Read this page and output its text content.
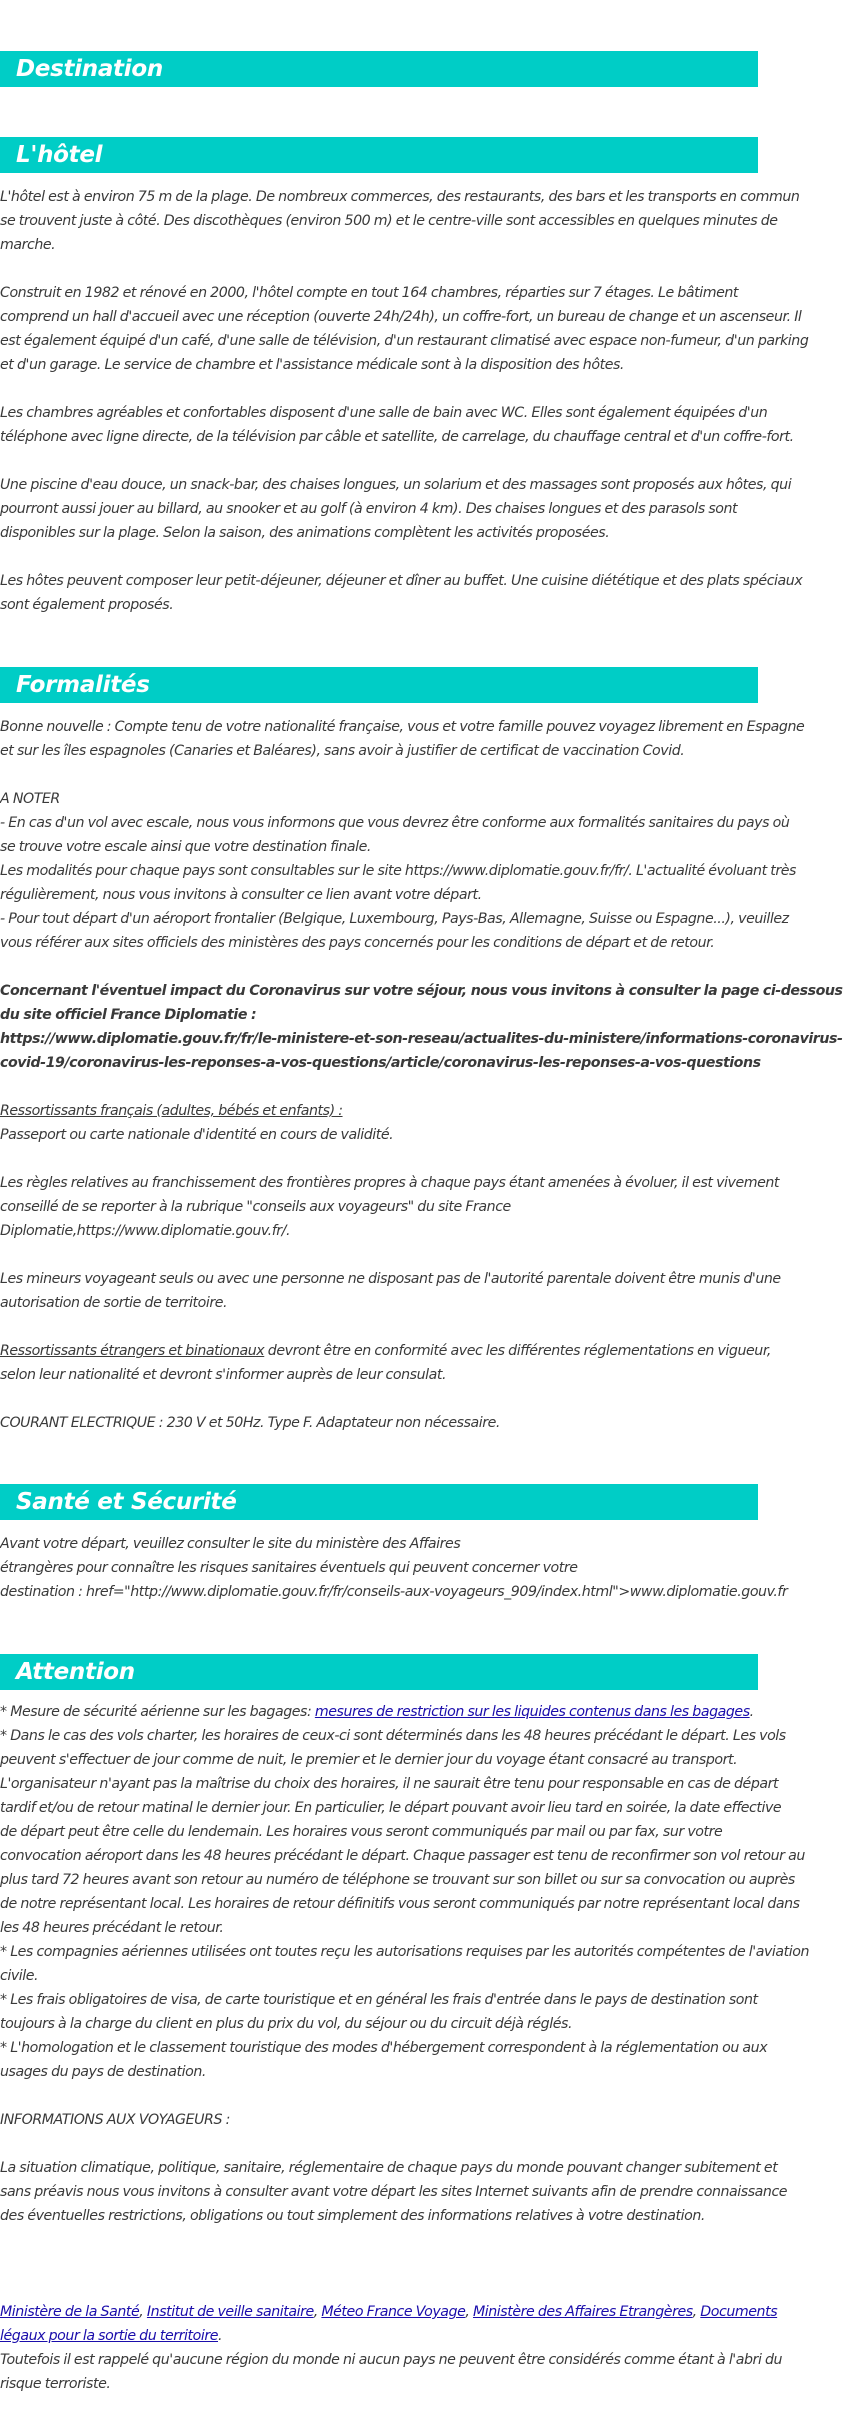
Destination
L'hôtel
L'hôtel est à environ 75 m de la plage. De nombreux commerces, des restaurants, des bars et les transports en commun
se trouvent juste à côté. Des discothèques (environ 500 m) et le centre-ville sont accessibles en quelques minutes de
marche.
Construit en 1982 et rénové en 2000, l'hôtel compte en tout 164 chambres, réparties sur 7 étages. Le bâtiment
comprend un hall d'accueil avec une réception (ouverte 24h/24h), un coffre-fort, un bureau de change et un ascenseur. Il
est également équipé d'un café, d'une salle de télévision, d'un restaurant climatisé avec espace non-fumeur, d'un parking
et d'un garage. Le service de chambre et l'assistance médicale sont à la disposition des hôtes.
Les chambres agréables et confortables disposent d'une salle de bain avec WC. Elles sont également équipées d'un
téléphone avec ligne directe, de la télévision par câble et satellite, de carrelage, du chauffage central et d'un coffre-fort.
Une piscine d'eau douce, un snack-bar, des chaises longues, un solarium et des massages sont proposés aux hôtes, qui
pourront aussi jouer au billard, au snooker et au golf (à environ 4 km). Des chaises longues et des parasols sont
disponibles sur la plage. Selon la saison, des animations complètent les activités proposées.
Les hôtes peuvent composer leur petit-déjeuner, déjeuner et dîner au buffet. Une cuisine diététique et des plats spéciaux
sont également proposés.
Formalités
Bonne nouvelle : Compte tenu de votre nationalité française, vous et votre famille pouvez voyagez librement en Espagne
et sur les îles espagnoles (Canaries et Baléares), sans avoir à justifier de certificat de vaccination Covid.
A NOTER
- En cas d'un vol avec escale, nous vous informons que vous devrez être conforme aux formalités sanitaires du pays où
se trouve votre escale ainsi que votre destination finale.
Les modalités pour chaque pays sont consultables sur le site https://www.diplomatie.gouv.fr/fr/. L'actualité évoluant très
régulièrement, nous vous invitons à consulter ce lien avant votre départ.
- Pour tout départ d'un aéroport frontalier (Belgique, Luxembourg, Pays-Bas, Allemagne, Suisse ou Espagne...), veuillez
vous référer aux sites officiels des ministères des pays concernés pour les conditions de départ et de retour.
Concernant l'éventuel impact du Coronavirus sur votre séjour, nous vous invitons à consulter la page ci-dessous
du site officiel France Diplomatie :
https://www.diplomatie.gouv.fr/fr/le-ministere-et-son-reseau/actualites-du-ministere/informations-coronavirus-
covid-19/coronavirus-les-reponses-a-vos-questions/article/coronavirus-les-reponses-a-vos-questions
Ressortissants français (adultes, bébés et enfants) :
Passeport ou carte nationale d'identité en cours de validité.
Les règles relatives au franchissement des frontières propres à chaque pays étant amenées à évoluer, il est vivement
conseillé de se reporter à la rubrique "conseils aux voyageurs" du site France
Diplomatie,https://www.diplomatie.gouv.fr/.
Les mineurs voyageant seuls ou avec une personne ne disposant pas de l'autorité parentale doivent être munis d'une
autorisation de sortie de territoire.
Ressortissants étrangers et binationaux devront être en conformité avec les différentes réglementations en vigueur,
selon leur nationalité et devront s'informer auprès de leur consulat.
COURANT ELECTRIQUE : 230 V et 50Hz. Type F. Adaptateur non nécessaire.
Santé et Sécurité
Avant votre départ, veuillez consulter le site du ministère des Affaires
étrangères pour connaître les risques sanitaires éventuels qui peuvent concerner votre
destination : href="http://www.diplomatie.gouv.fr/fr/conseils-aux-voyageurs_909/index.html">www.diplomatie.gouv.fr
Attention
* Mesure de sécurité aérienne sur les bagages: mesures de restriction sur les liquides contenus dans les bagages.
* Dans le cas des vols charter, les horaires de ceux-ci sont déterminés dans les 48 heures précédant le départ. Les vols
peuvent s'effectuer de jour comme de nuit, le premier et le dernier jour du voyage étant consacré au transport.
L'organisateur n'ayant pas la maîtrise du choix des horaires, il ne saurait être tenu pour responsable en cas de départ
tardif et/ou de retour matinal le dernier jour. En particulier, le départ pouvant avoir lieu tard en soirée, la date effective
de départ peut être celle du lendemain. Les horaires vous seront communiqués par mail ou par fax, sur votre
convocation aéroport dans les 48 heures précédant le départ. Chaque passager est tenu de reconfirmer son vol retour au
plus tard 72 heures avant son retour au numéro de téléphone se trouvant sur son billet ou sur sa convocation ou auprès
de notre représentant local. Les horaires de retour définitifs vous seront communiqués par notre représentant local dans
les 48 heures précédant le retour.
* Les compagnies aériennes utilisées ont toutes reçu les autorisations requises par les autorités compétentes de l'aviation
civile.
* Les frais obligatoires de visa, de carte touristique et en général les frais d'entrée dans le pays de destination sont
toujours à la charge du client en plus du prix du vol, du séjour ou du circuit déjà réglés.
* L'homologation et le classement touristique des modes d'hébergement correspondent à la réglementation ou aux
usages du pays de destination.
INFORMATIONS AUX VOYAGEURS :
La situation climatique, politique, sanitaire, réglementaire de chaque pays du monde pouvant changer subitement et
sans préavis nous vous invitons à consulter avant votre départ les sites Internet suivants afin de prendre connaissance
des éventuelles restrictions, obligations ou tout simplement des informations relatives à votre destination.
Ministère de la Santé, Institut de veille sanitaire, Méteo France Voyage, Ministère des Affaires Etrangères, Documents
légaux pour la sortie du territoire.
Toutefois il est rappelé qu'aucune région du monde ni aucun pays ne peuvent être considérés comme étant à l'abri du
risque terroriste.
